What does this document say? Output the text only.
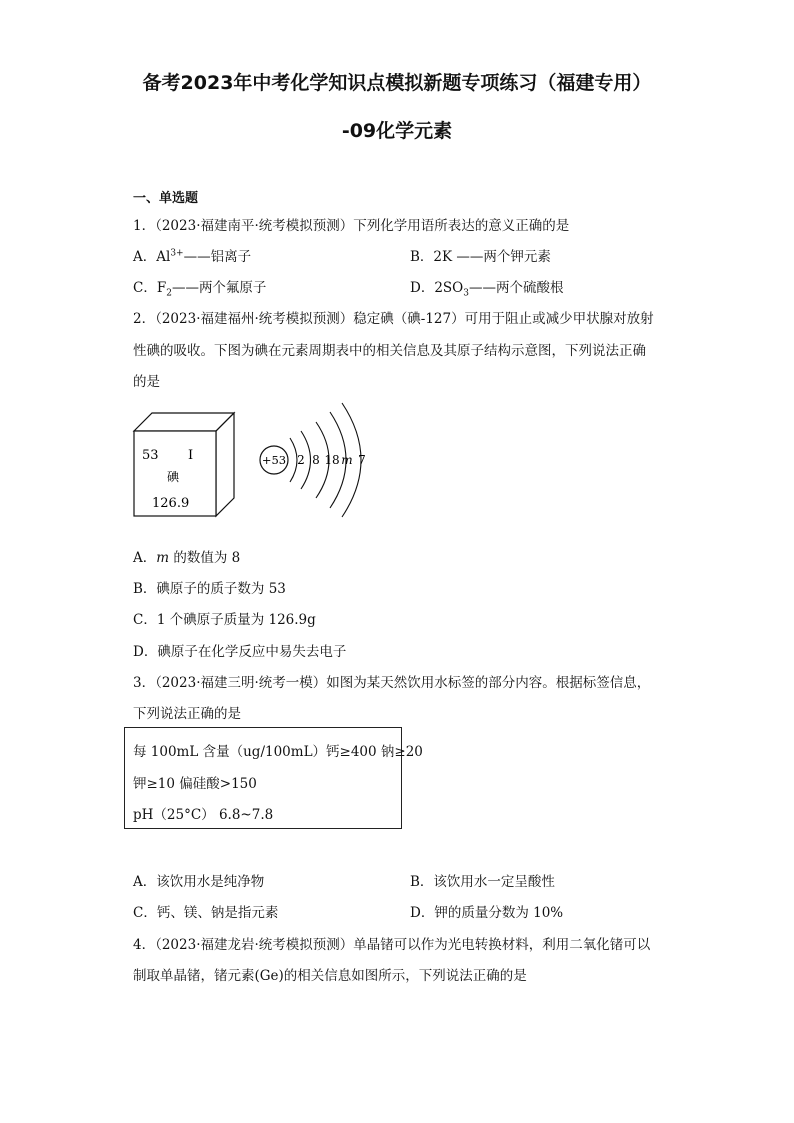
备考2023年中考化学知识点模拟新题专项练习（福建专用）
-09化学元素
一、单选题
1．（2023·福建南平·统考模拟预测）下列化学用语所表达的意义正确的是
A．$Al^{3+}——$铝离子	B．2K ——两个钾元素
C．$F_2——$两个氟原子	D．$2SO_3——$两个硫酸根
2．（2023·福建福州·统考模拟预测）稳定碘（碘-127）可用于阻止或减少甲状腺对放射
性碘的吸收。下图为碘在元素周期表中的相关信息及其原子结构示意图，下列说法正确
的是
53 I
碘
126.9
+53 2 8 18 m 7
A．m 的数值为 8
B．碘原子的质子数为 53
C．1 个碘原子质量为 126.9g
D．碘原子在化学反应中易失去电子
3．（2023·福建三明·统考一模）如图为某天然饮用水标签的部分内容。根据标签信息，
下列说法正确的是
每 100mL 含量（ug/100mL）钙≥400 钠≥20
钾≥10 偏硅酸>150
pH（25°C） 6.8~7.8
A．该饮用水是纯净物	B．该饮用水一定呈酸性
C．钙、镁、钠是指元素	D．钾的质量分数为 10%
4．（2023·福建龙岩·统考模拟预测）单晶锗可以作为光电转换材料，利用二氧化锗可以
制取单晶锗，锗元素(Ge)的相关信息如图所示，下列说法正确的是
